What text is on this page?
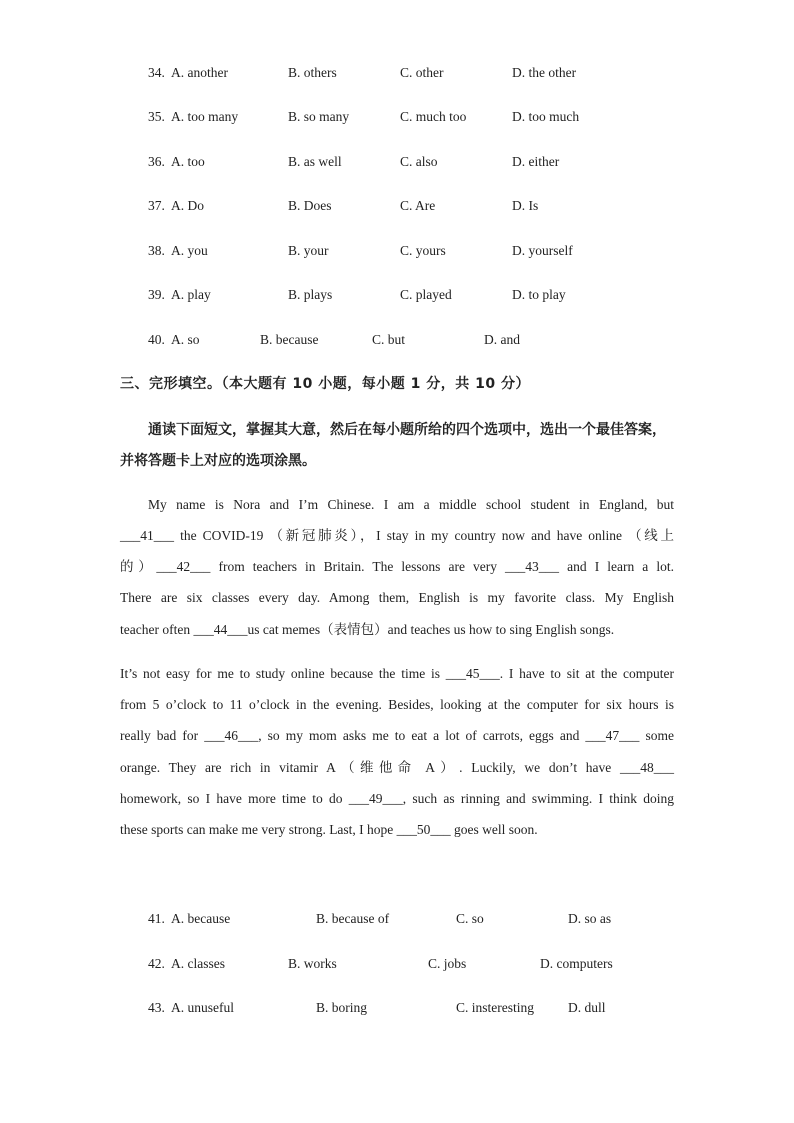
34. A. another	B. others	C. other	D. the other
35. A. too many	B. so many	C. much too	D. too much
36. A. too	B. as well	C. also	D. either
37. A. Do	B. Does	C. Are	D. Is
38. A. you	B. your	C. yours	D. yourself
39. A. play	B. plays	C. played	D. to play
40. A. so	B. because	C. but	D. and
三、完形填空。（本大题有 10 小题，每小题 1 分，共 10 分）
通读下面短文，掌握其大意，然后在每小题所给的四个选项中，选出一个最佳答案，
并将答题卡上对应的选项涂黑。
My name is Nora and I’m Chinese. I am a middle school student in England, but
___41___ the COVID-19 （新冠肺炎），I stay in my country now and have online （线上
的）___42___ from teachers in Britain. The lessons are very ___43___ and I learn a lot.
There are six classes every day. Among them, English is my favorite class. My English
teacher often ___44___us cat memes（表情包）and teaches us how to sing English songs.
It’s not easy for me to study online because the time is ___45___. I have to sit at the computer
from 5 o’clock to 11 o’clock in the evening. Besides, looking at the computer for six hours is
really bad for ___46___, so my mom asks me to eat a lot of carrots, eggs and ___47___ some
orange. They are rich in vitamir A（维他命 A）. Luckily, we don’t have ___48___
homework, so I have more time to do ___49___, such as rinning and swimming. I think doing
these sports can make me very strong. Last, I hope ___50___ goes well soon.
41. A. because	B. because of	C. so	D. so as
42. A. classes	B. works	C. jobs	D. computers
43. A. unuseful	B. boring	C. insteresting	D. dull
